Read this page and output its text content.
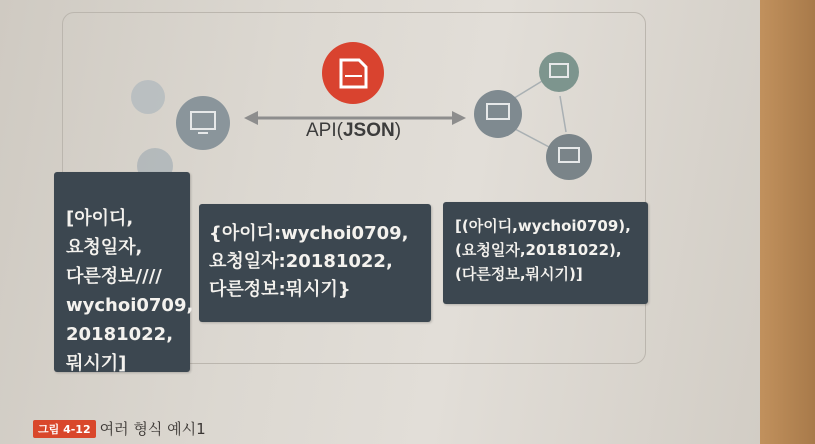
API(JSON)
[아이디,
요청일자,
다른정보////
wychoi0709,
20181022,
뭐시기]
{아이디:wychoi0709,
요청일자:20181022,
다른정보:뭐시기}
[(아이디,wychoi0709),
(요청일자,20181022),
(다른정보,뭐시기)]
그림 4-12 여러 형식 예시1
